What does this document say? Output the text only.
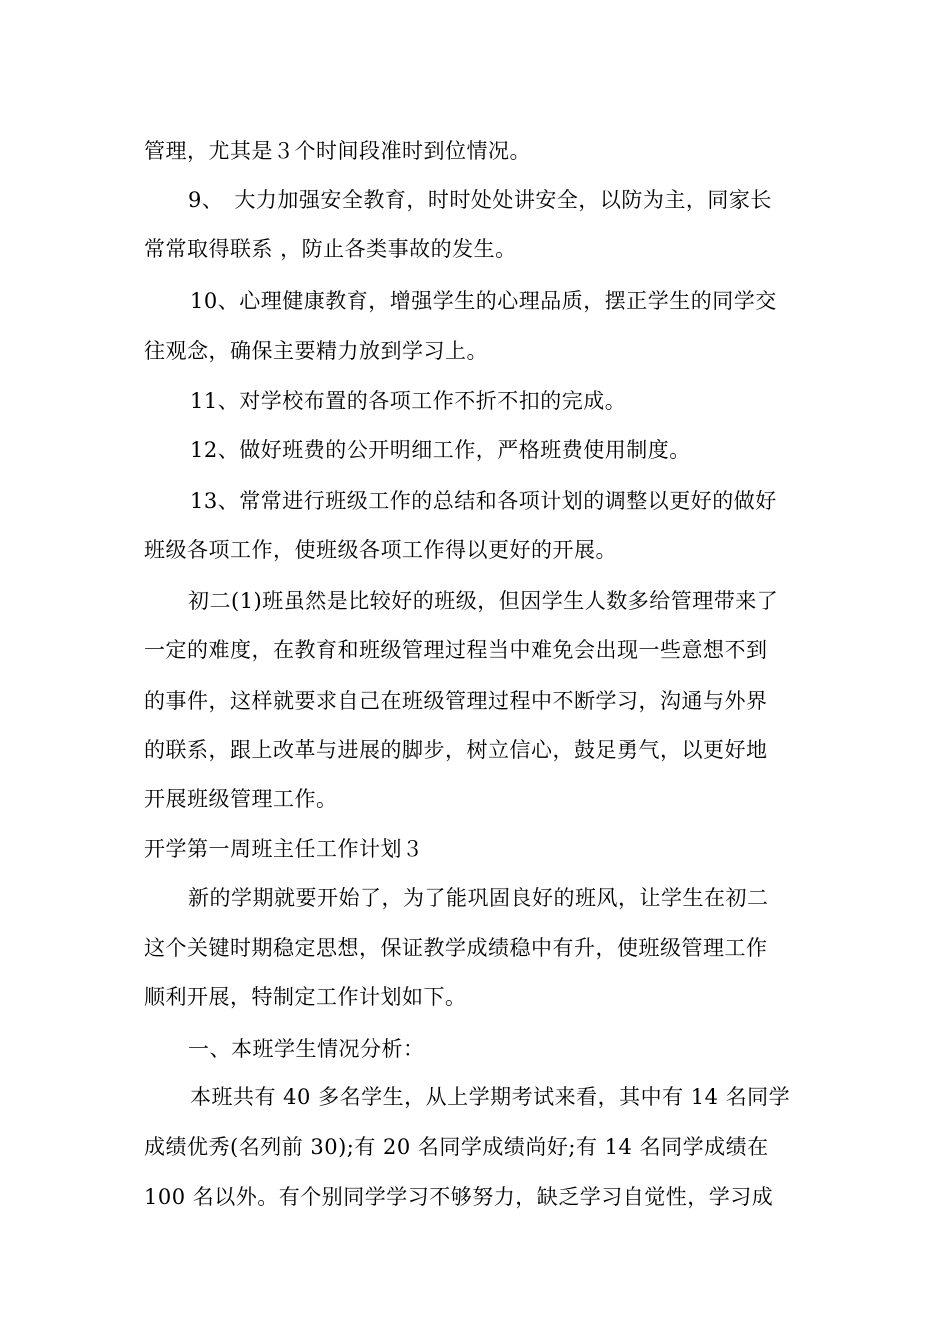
管理，尤其是３个时间段准时到位情况。
9、　大力加强安全教育，时时处处讲安全，以防为主，同家长
常常取得联系 ，防止各类事故的发生。
10、心理健康教育，增强学生的心理品质，摆正学生的同学交
往观念，确保主要精力放到学习上。
11、对学校布置的各项工作不折不扣的完成。
12、做好班费的公开明细工作，严格班费使用制度。
13、常常进行班级工作的总结和各项计划的调整以更好的做好
班级各项工作，使班级各项工作得以更好的开展。
初二(1)班虽然是比较好的班级，但因学生人数多给管理带来了
一定的难度，在教育和班级管理过程当中难免会出现一些意想不到
的事件，这样就要求自己在班级管理过程中不断学习，沟通与外界
的联系，跟上改革与进展的脚步，树立信心，鼓足勇气，以更好地
开展班级管理工作。
开学第一周班主任工作计划３
新的学期就要开始了，为了能巩固良好的班风，让学生在初二
这个关键时期稳定思想，保证教学成绩稳中有升，使班级管理工作
顺利开展，特制定工作计划如下。
一、本班学生情况分析：
本班共有 40 多名学生，从上学期考试来看，其中有 14 名同学
成绩优秀(名列前 30);有 20 名同学成绩尚好;有 14 名同学成绩在
100 名以外。有个别同学学习不够努力，缺乏学习自觉性，学习成
